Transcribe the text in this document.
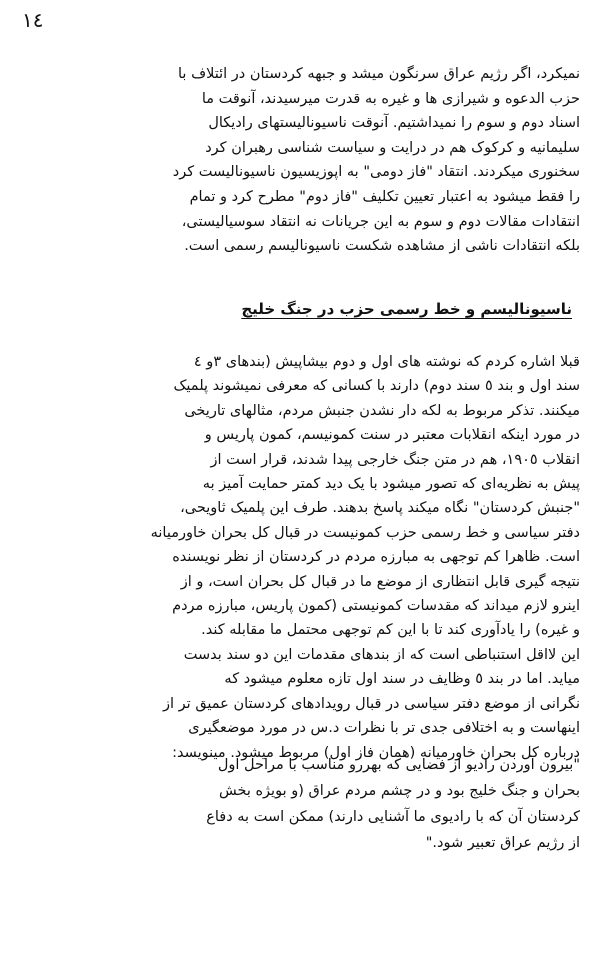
١٤
نمیکرد، اگر رژیم عراق سرنگون میشد و جبهه کردستان در ائتلاف با
حزب الدعوه و شیرازی ها و غیره به قدرت میرسیدند، آنوقت ما
اسناد دوم و سوم را نمیداشتیم. آنوقت ناسیونالیستهای رادیکال
سلیمانیه و کرکوک هم در درایت و سیاست شناسی رهبران کرد
سخنوری میکردند. انتقاد "فاز دومی" به اپوزیسیون ناسیونالیست کرد
را فقط میشود به اعتبار تعیین تکلیف "فاز دوم" مطرح کرد و تمام
انتقادات مقالات دوم و سوم به این جریانات نه انتقاد سوسیالیستی،
بلکه انتقادات ناشی از مشاهده شکست ناسیونالیسم رسمی است.
ناسیونالیسم و خط رسمی حزب در جنگ خلیج
قبلا اشاره کردم که نوشته های اول و دوم بیشاپیش (بندهای ۳و ٤
سند اول و بند ٥ سند دوم) دارند با کسانی که معرفی نمیشوند پلمیک
میکنند. تذکر مربوط به لکه دار نشدن جنبش مردم، مثالهای تاریخی
در مورد اینکه انقلابات معتبر در سنت کمونیسم، کمون پاریس و
انقلاب ١٩٠٥، هم در متن جنگ خارجی پیدا شدند، قرار است از
پیش به نظریه‌ای که تصور میشود با یک دید کمتر حمایت آمیز به
"جنبش کردستان" نگاه میکند پاسخ بدهند. طرف این پلمیک ثاویحی،
دفتر سیاسی و خط رسمی حزب کمونیست در قبال کل بحران خاورمیانه
است. ظاهرا کم توجهی به مبارزه مردم در کردستان از نظر نویسنده
نتیجه گیری قابل انتظاری از موضع ما در قبال کل بحران است، و از
اینرو لازم میداند که مقدسات کمونیستی (کمون پاریس، مبارزه مردم
و غیره) را یادآوری کند تا با این کم توجهی محتمل ما مقابله کند.
این لااقل استنباطی است که از بندهای مقدمات این دو سند بدست
میاید. اما در بند ٥ وظایف در سند اول تازه معلوم میشود که
نگرانی از موضع دفتر سیاسی در قبال رویدادهای کردستان عمیق تر از
اینهاست و به اختلافی جدی تر با نظرات د.س در مورد موضعگیری
درباره کل بحران خاورمیانه (همان فاز اول) مربوط میشود. مینویسد:
"بیرون آوردن رادیو از فضایی که بهررو مناسب با مراحل اول
بحران و جنگ خلیج بود و در چشم مردم عراق (و بویژه بخش
کردستان آن که با رادیوی ما آشنایی دارند) ممکن است به دفاع
از رژیم عراق تعبیر شود."
